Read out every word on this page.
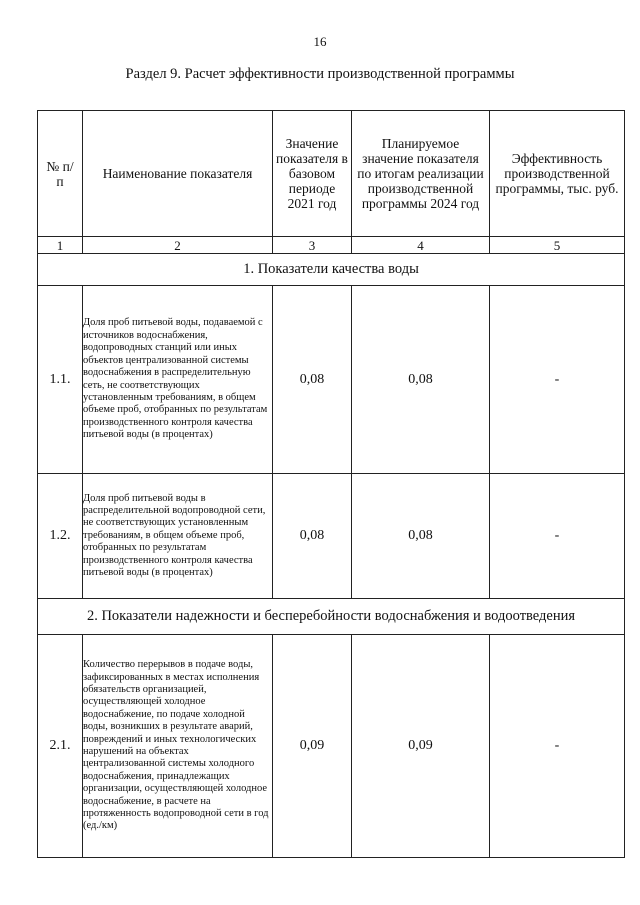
16
Раздел 9. Расчет эффективности производственной программы
№ п/п	Наименование показателя	Значение показателя в базовом периоде 2021 год	Планируемое значение показателя по итогам реализации производственной программы 2024 год	Эффективность производственной программы, тыс. руб.

1	2	3	4	5
1. Показатели качества воды				
1.1.	Доля проб питьевой воды, подаваемой с источников водоснабжения, водопроводных станций или иных объектов централизованной системы водоснабжения в распределительную сеть, не соответствующих установленным требованиям, в общем объеме проб, отобранных по результатам производственного контроля качества питьевой воды (в процентах)	0,08	0,08	-
1.2.	Доля проб питьевой воды в распределительной водопроводной сети, не соответствующих установленным требованиям, в общем объеме проб, отобранных по результатам производственного контроля качества питьевой воды (в процентах)	0,08	0,08	-
2. Показатели надежности и бесперебойности водоснабжения и водоотведения				
2.1.	Количество перерывов в подаче воды, зафиксированных в местах исполнения обязательств организацией, осуществляющей холодное водоснабжение, по подаче холодной воды, возникших в результате аварий, повреждений и иных технологических нарушений на объектах централизованной системы холодного водоснабжения, принадлежащих организации, осуществляющей холодное водоснабжение, в расчете на протяженность водопроводной сети в год (ед./км)	0,09	0,09	-
